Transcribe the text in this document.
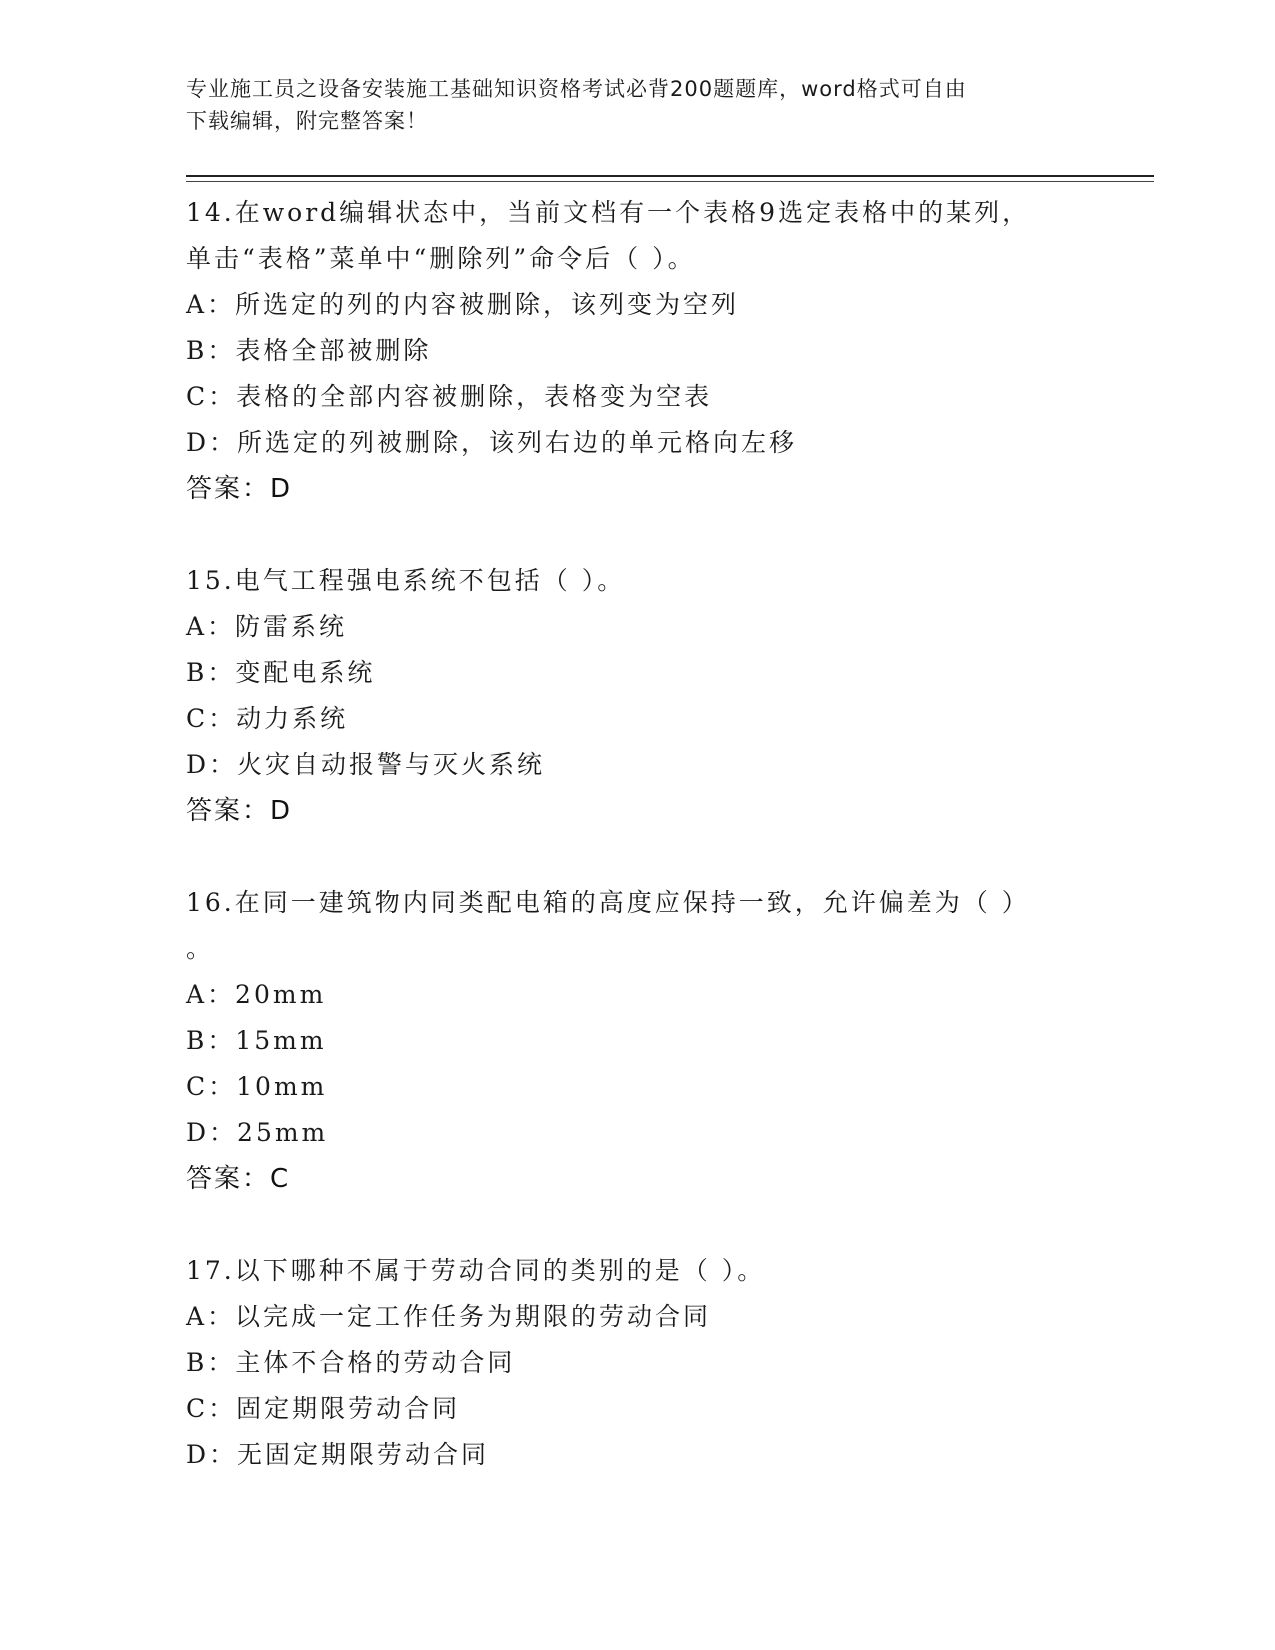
专业施工员之设备安装施工基础知识资格考试必背200题题库，word格式可自由
下载编辑，附完整答案！
14.在word编辑状态中，当前文档有一个表格9选定表格中的某列，
单击“表格”菜单中“删除列”命令后（ ）。
A：所选定的列的内容被删除，该列变为空列
B：表格全部被删除
C：表格的全部内容被删除，表格变为空表
D：所选定的列被删除，该列右边的单元格向左移
答案：D
15.电气工程强电系统不包括（ ）。
A：防雷系统
B：变配电系统
C：动力系统
D：火灾自动报警与灭火系统
答案：D
16.在同一建筑物内同类配电箱的高度应保持一致，允许偏差为（ ）
。
A：20mm
B：15mm
C：10mm
D：25mm
答案：C
17.以下哪种不属于劳动合同的类别的是（ ）。
A：以完成一定工作任务为期限的劳动合同
B：主体不合格的劳动合同
C：固定期限劳动合同
D：无固定期限劳动合同
